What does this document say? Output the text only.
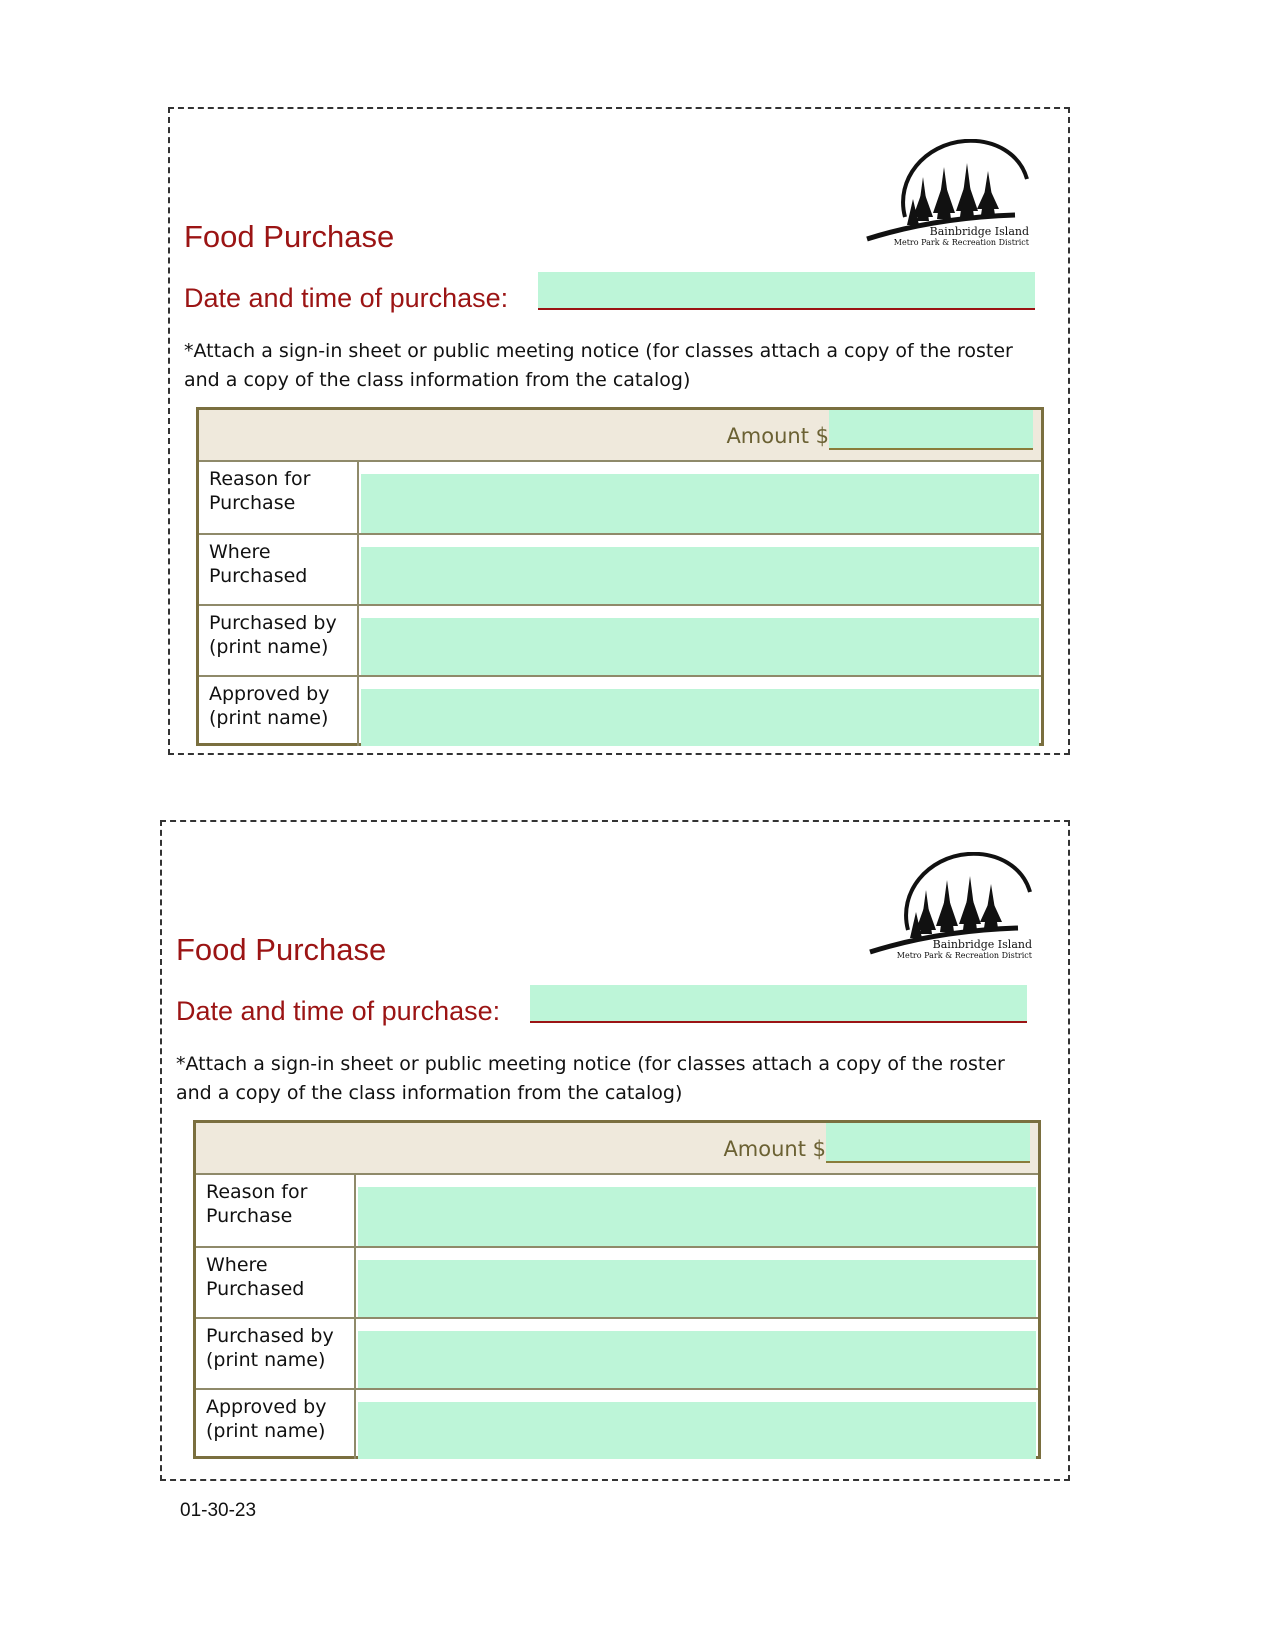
Bainbridge Island
Metro Park & Recreation District
Food Purchase
Date and time of purchase:
*Attach a sign-in sheet or public meeting notice (for classes attach a copy of the roster
and a copy of the class information from the catalog)
Amount $
Reason for
Purchase
Where
Purchased
Purchased by
(print name)
Approved by
(print name)
Bainbridge Island
Metro Park & Recreation District
Food Purchase
Date and time of purchase:
*Attach a sign-in sheet or public meeting notice (for classes attach a copy of the roster
and a copy of the class information from the catalog)
Amount $
Reason for
Purchase
Where
Purchased
Purchased by
(print name)
Approved by
(print name)
01-30-23
